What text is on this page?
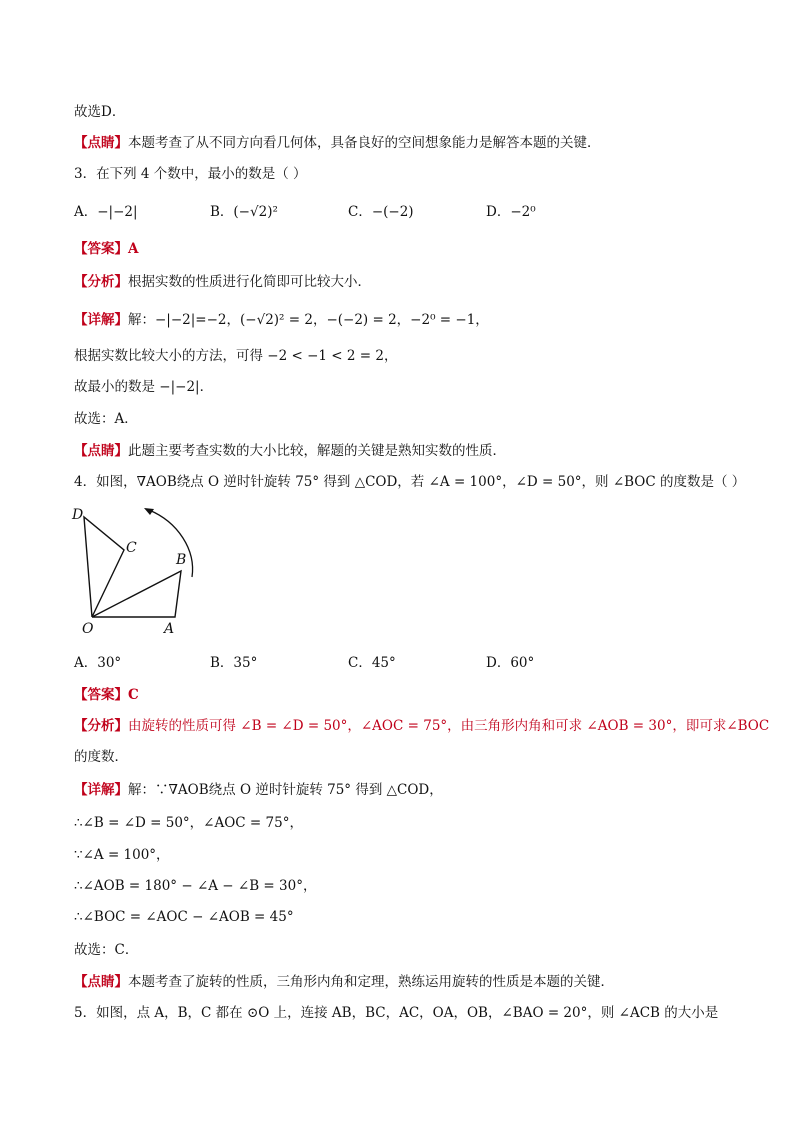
故选D．
【点睛】本题考查了从不同方向看几何体，具备良好的空间想象能力是解答本题的关键．
3．在下列 4 个数中，最小的数是（ ）
A．−|−2|	B．(−√2)²	C．−(−2)	D．−2⁰
【答案】A
【分析】根据实数的性质进行化简即可比较大小．
【详解】解：−|−2|=−2，(−√2)² = 2，−(−2) = 2，−2⁰ = −1，
根据实数比较大小的方法，可得 −2 < −1 < 2 = 2，
故最小的数是 −|−2|．
故选：A．
【点睛】此题主要考查实数的大小比较，解题的关键是熟知实数的性质．
4．如图，∇AOB绕点 O 逆时针旋转 75° 得到 △COD，若 ∠A = 100°，∠D = 50°，则 ∠BOC 的度数是（ ）
D
C
B
O	A
A．30°	B．35°	C．45°	D．60°
【答案】C
【分析】由旋转的性质可得 ∠B = ∠D = 50°，∠AOC = 75°，由三角形内角和可求 ∠AOB = 30°，即可求∠BOC
的度数．
【详解】解：∵∇AOB绕点 O 逆时针旋转 75° 得到 △COD，
∴∠B = ∠D = 50°，∠AOC = 75°，
∵∠A = 100°，
∴∠AOB = 180° − ∠A − ∠B = 30°，
∴∠BOC = ∠AOC − ∠AOB = 45°
故选：C．
【点睛】本题考查了旋转的性质，三角形内角和定理，熟练运用旋转的性质是本题的关键．
5．如图，点 A，B，C 都在 ⊙O 上，连接 AB，BC，AC，OA，OB，∠BAO = 20°，则 ∠ACB 的大小是
